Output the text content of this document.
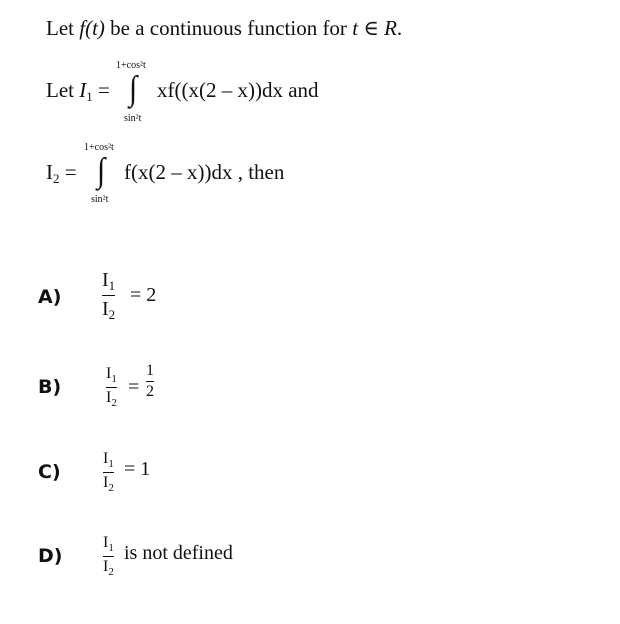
Let f(t) be a continuous function for t ∈ R.
Let $I_1$ =
1+cos²t
∫
sin²t
xf((x(2 – x))dx and
$I_2$ =
1+cos²t
∫
sin²t
f(x(2 – x))dx , then
A)
$I_1$
$I_2$
= 2
B)
$I_1$
$I_2$
=
1
2
C)
$I_1$
$I_2$
= 1
D)
$I_1$
$I_2$
is not defined
